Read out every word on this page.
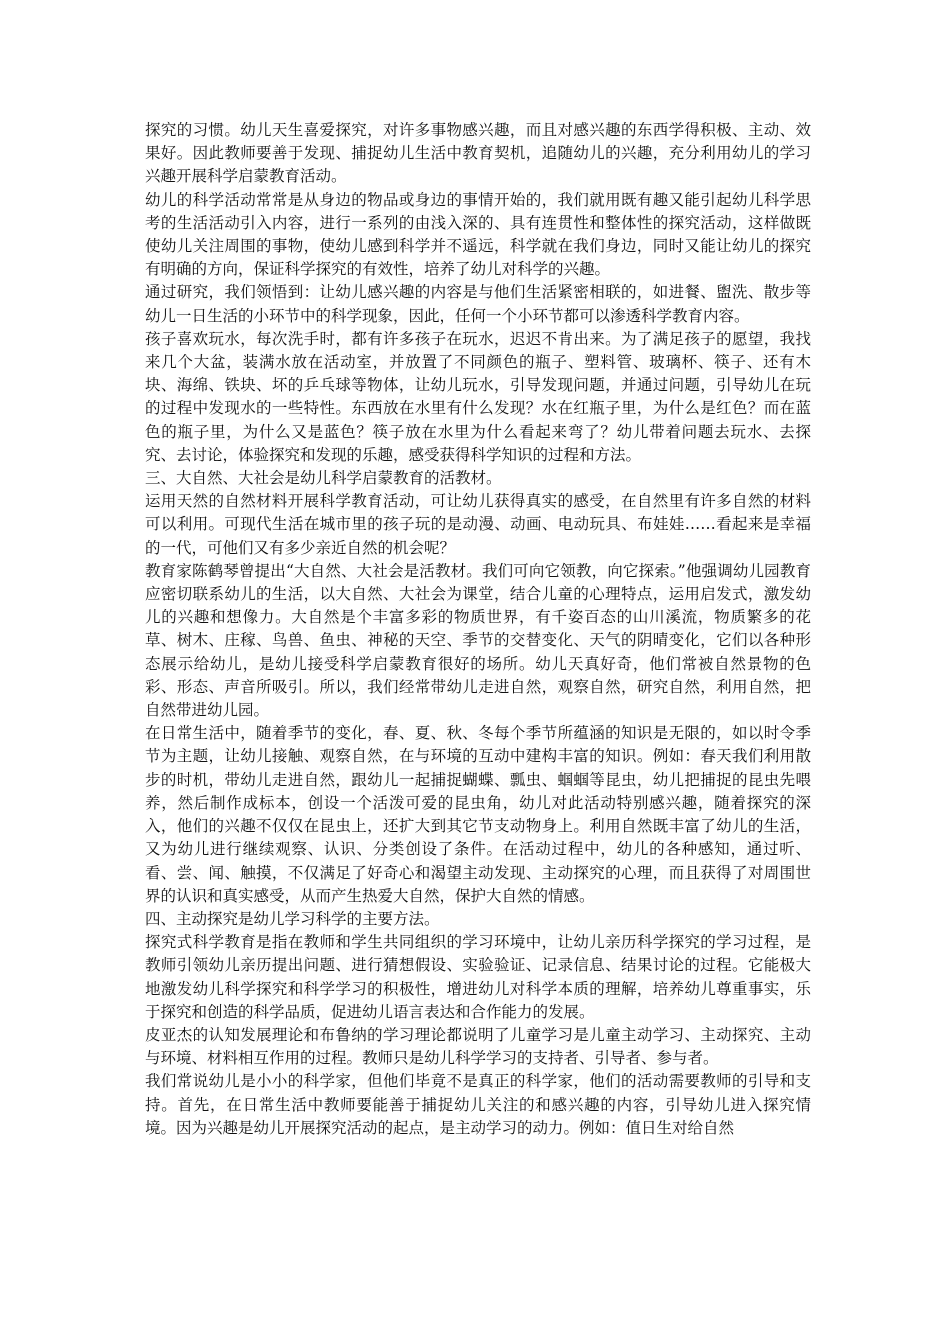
探究的习惯。幼儿天生喜爱探究，对许多事物感兴趣，而且对感兴趣的东西学得积极、主动、效果好。因此教师要善于发现、捕捉幼儿生活中教育契机，追随幼儿的兴趣，充分利用幼儿的学习兴趣开展科学启蒙教育活动。

幼儿的科学活动常常是从身边的物品或身边的事情开始的，我们就用既有趣又能引起幼儿科学思考的生活活动引入内容，进行一系列的由浅入深的、具有连贯性和整体性的探究活动，这样做既使幼儿关注周围的事物，使幼儿感到科学并不遥远，科学就在我们身边，同时又能让幼儿的探究有明确的方向，保证科学探究的有效性，培养了幼儿对科学的兴趣。

通过研究，我们领悟到：让幼儿感兴趣的内容是与他们生活紧密相联的，如进餐、盥洗、散步等幼儿一日生活的小环节中的科学现象，因此，任何一个小环节都可以渗透科学教育内容。

孩子喜欢玩水，每次洗手时，都有许多孩子在玩水，迟迟不肯出来。为了满足孩子的愿望，我找来几个大盆，装满水放在活动室，并放置了不同颜色的瓶子、塑料管、玻璃杯、筷子、还有木块、海绵、铁块、坏的乒乓球等物体，让幼儿玩水，引导发现问题，并通过问题，引导幼儿在玩的过程中发现水的一些特性。东西放在水里有什么发现？水在红瓶子里，为什么是红色？而在蓝色的瓶子里，为什么又是蓝色？筷子放在水里为什么看起来弯了？幼儿带着问题去玩水、去探究、去讨论，体验探究和发现的乐趣，感受获得科学知识的过程和方法。

三、大自然、大社会是幼儿科学启蒙教育的活教材。

运用天然的自然材料开展科学教育活动，可让幼儿获得真实的感受，在自然里有许多自然的材料可以利用。可现代生活在城市里的孩子玩的是动漫、动画、电动玩具、布娃娃……看起来是幸福的一代，可他们又有多少亲近自然的机会呢？

教育家陈鹤琴曾提出“大自然、大社会是活教材。我们可向它领教，向它探索。”他强调幼儿园教育应密切联系幼儿的生活，以大自然、大社会为课堂，结合儿童的心理特点，运用启发式，激发幼儿的兴趣和想像力。大自然是个丰富多彩的物质世界，有千姿百态的山川溪流，物质繁多的花草、树木、庄稼、鸟兽、鱼虫、神秘的天空、季节的交替变化、天气的阴晴变化，它们以各种形态展示给幼儿，是幼儿接受科学启蒙教育很好的场所。幼儿天真好奇，他们常被自然景物的色彩、形态、声音所吸引。所以，我们经常带幼儿走进自然，观察自然，研究自然，利用自然，把自然带进幼儿园。

在日常生活中，随着季节的变化，春、夏、秋、冬每个季节所蕴涵的知识是无限的，如以时令季节为主题，让幼儿接触、观察自然，在与环境的互动中建构丰富的知识。例如：春天我们利用散步的时机，带幼儿走进自然，跟幼儿一起捕捉蝴蝶、瓢虫、蝈蝈等昆虫，幼儿把捕捉的昆虫先喂养，然后制作成标本，创设一个活泼可爱的昆虫角，幼儿对此活动特别感兴趣，随着探究的深入，他们的兴趣不仅仅在昆虫上，还扩大到其它节支动物身上。利用自然既丰富了幼儿的生活，又为幼儿进行继续观察、认识、分类创设了条件。在活动过程中，幼儿的各种感知，通过听、看、尝、闻、触摸，不仅满足了好奇心和渴望主动发现、主动探究的心理，而且获得了对周围世界的认识和真实感受，从而产生热爱大自然，保护大自然的情感。

四、主动探究是幼儿学习科学的主要方法。

探究式科学教育是指在教师和学生共同组织的学习环境中，让幼儿亲历科学探究的学习过程，是教师引领幼儿亲历提出问题、进行猜想假设、实验验证、记录信息、结果讨论的过程。它能极大地激发幼儿科学探究和科学学习的积极性，增进幼儿对科学本质的理解，培养幼儿尊重事实，乐于探究和创造的科学品质，促进幼儿语言表达和合作能力的发展。

皮亚杰的认知发展理论和布鲁纳的学习理论都说明了儿童学习是儿童主动学习、主动探究、主动与环境、材料相互作用的过程。教师只是幼儿科学学习的支持者、引导者、参与者。

我们常说幼儿是小小的科学家，但他们毕竟不是真正的科学家，他们的活动需要教师的引导和支持。首先，在日常生活中教师要能善于捕捉幼儿关注的和感兴趣的内容，引导幼儿进入探究情境。因为兴趣是幼儿开展探究活动的起点，是主动学习的动力。例如：值日生对给自然
